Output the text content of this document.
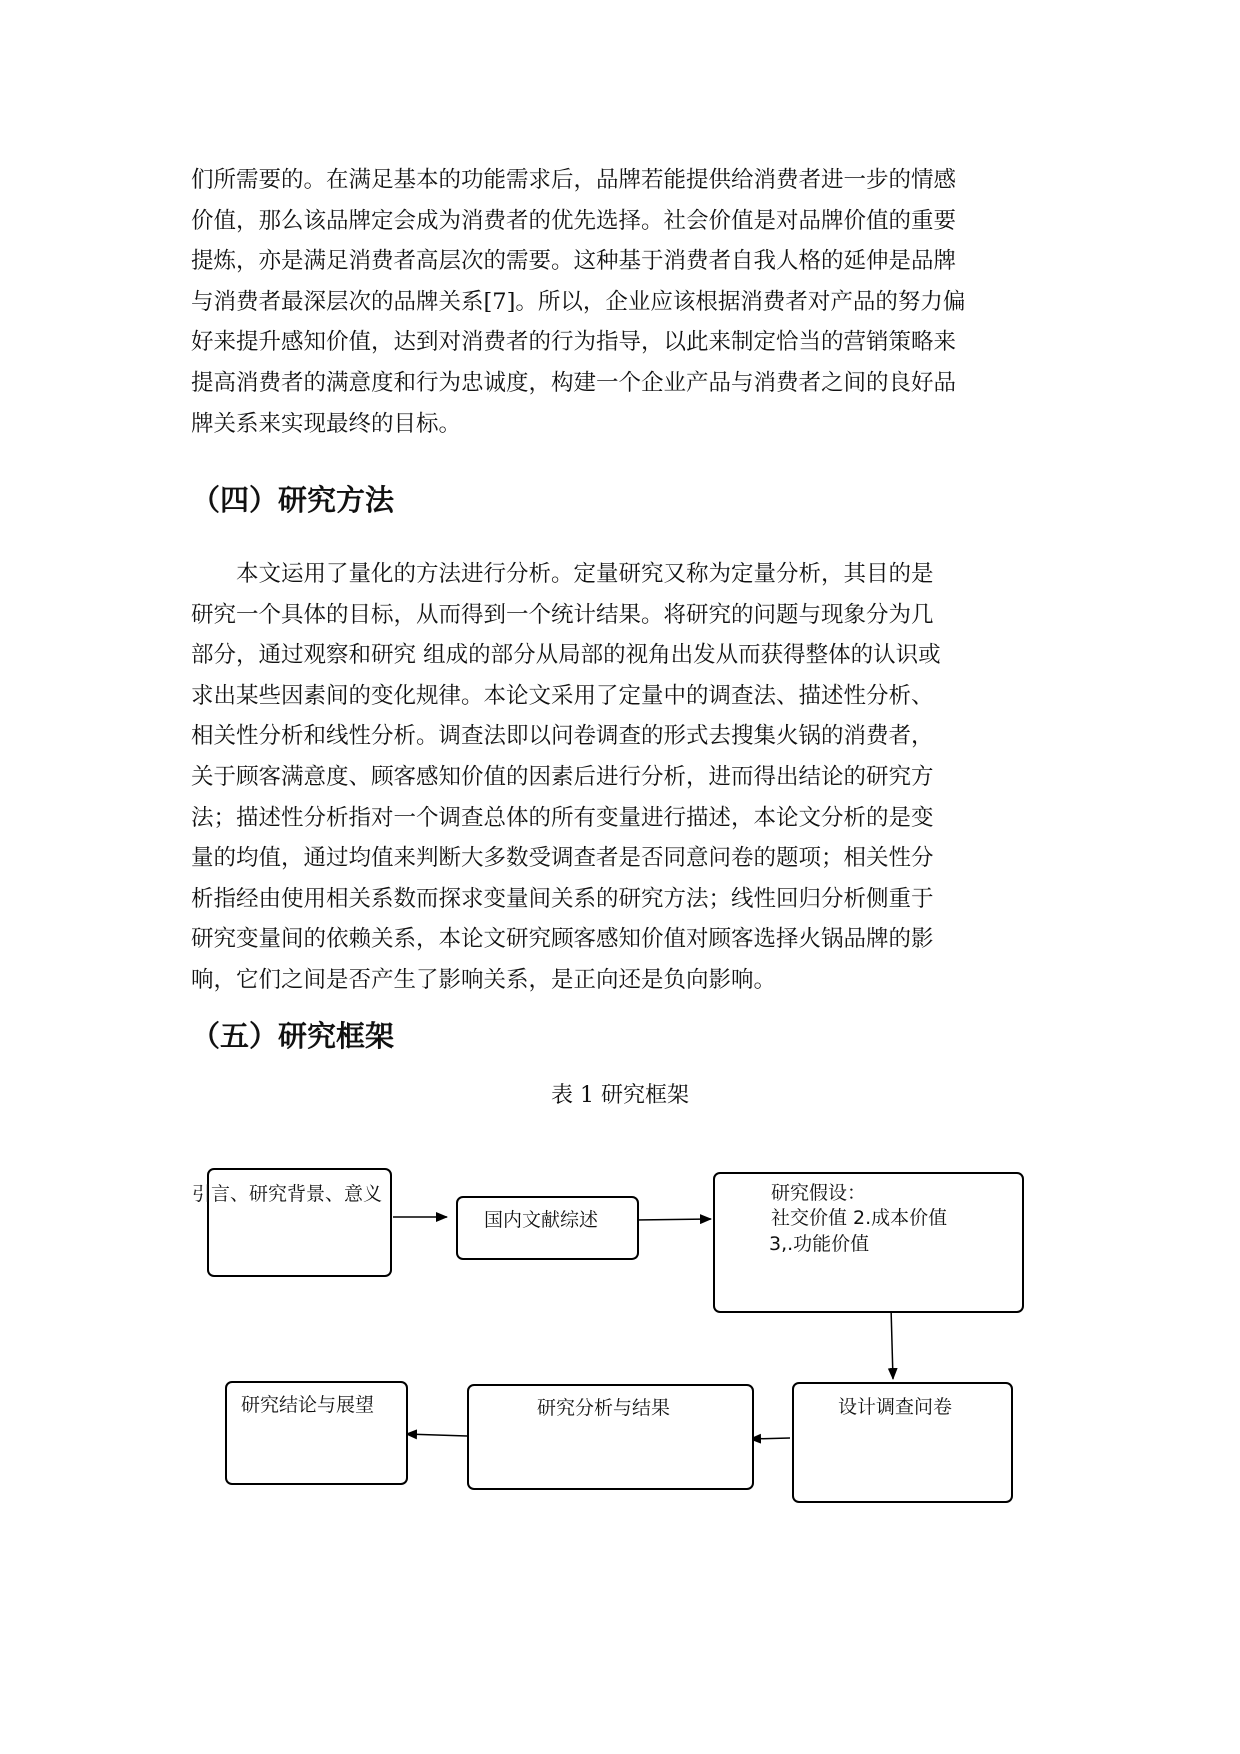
们所需要的。在满足基本的功能需求后，品牌若能提供给消费者进一步的情感
价值，那么该品牌定会成为消费者的优先选择。社会价值是对品牌价值的重要
提炼，亦是满足消费者高层次的需要。这种基于消费者自我人格的延伸是品牌
与消费者最深层次的品牌关系[7]。所以，企业应该根据消费者对产品的努力偏
好来提升感知价值，达到对消费者的行为指导，以此来制定恰当的营销策略来
提高消费者的满意度和行为忠诚度，构建一个企业产品与消费者之间的良好品
牌关系来实现最终的目标。
（四）研究方法
　　本文运用了量化的方法进行分析。定量研究又称为定量分析，其目的是
研究一个具体的目标，从而得到一个统计结果。将研究的问题与现象分为几
部分，通过观察和研究 组成的部分从局部的视角出发从而获得整体的认识或
求出某些因素间的变化规律。本论文采用了定量中的调查法、描述性分析、
相关性分析和线性分析。调查法即以问卷调查的形式去搜集火锅的消费者，
关于顾客满意度、顾客感知价值的因素后进行分析，进而得出结论的研究方
法；描述性分析指对一个调查总体的所有变量进行描述，本论文分析的是变
量的均值，通过均值来判断大多数受调查者是否同意问卷的题项；相关性分
析指经由使用相关系数而探求变量间关系的研究方法；线性回归分析侧重于
研究变量间的依赖关系，本论文研究顾客感知价值对顾客选择火锅品牌的影
响，它们之间是否产生了影响关系，是正向还是负向影响。
（五）研究框架
表 1 研究框架
引言、研究背景、意义
国内文献综述
研究假设：
社交价值 2.成本价值
3,.功能价值
设计调查问卷
研究分析与结果
研究结论与展望
